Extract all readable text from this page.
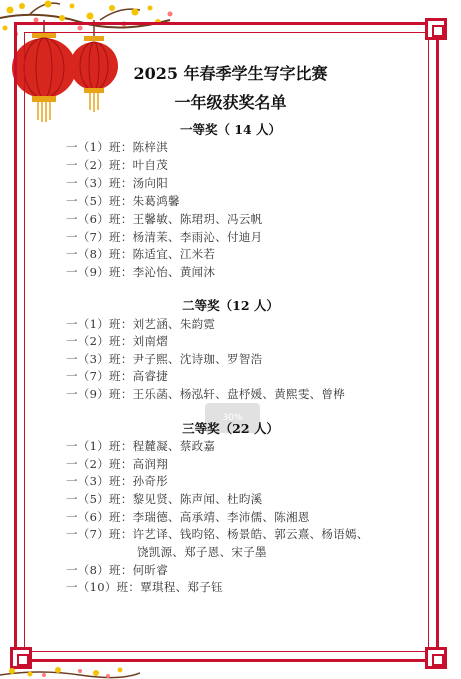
2025 年春季学生写字比赛
一年级获奖名单
一等奖（ 14 人）
一（1）班：陈梓淇
一（2）班：叶自茂
一（3）班：汤向阳
一（5）班：朱葛鸿馨
一（6）班：王馨敏、陈珺玥、冯云帆
一（7）班：杨清茉、李雨沁、付迪月
一（8）班：陈适宜、江米若
一（9）班：李沁怡、黄闻沐
二等奖（12 人）
一（1）班：刘艺涵、朱韵霓
一（2）班：刘南熠
一（3）班：尹子熙、沈诗珈、罗智浩
一（7）班：高睿捷
一（9）班：王乐菡、杨泓轩、盘杼媛、黄熙雯、曾桦
30%
三等奖（22 人）
一（1）班：程麓凝、蔡政嘉
一（2）班：高润翔
一（3）班：孙奇彤
一（5）班：黎见贤、陈声闻、杜昀溪
一（6）班：李瑞德、高承靖、李沛儒、陈湘恩
一（7）班：许艺译、钱昀铭、杨景皓、郭云熹、杨语嫣、
饶凯源、郑子恩、宋子墨
一（8）班：何昕睿
一（10）班：覃琪程、郑子钰
